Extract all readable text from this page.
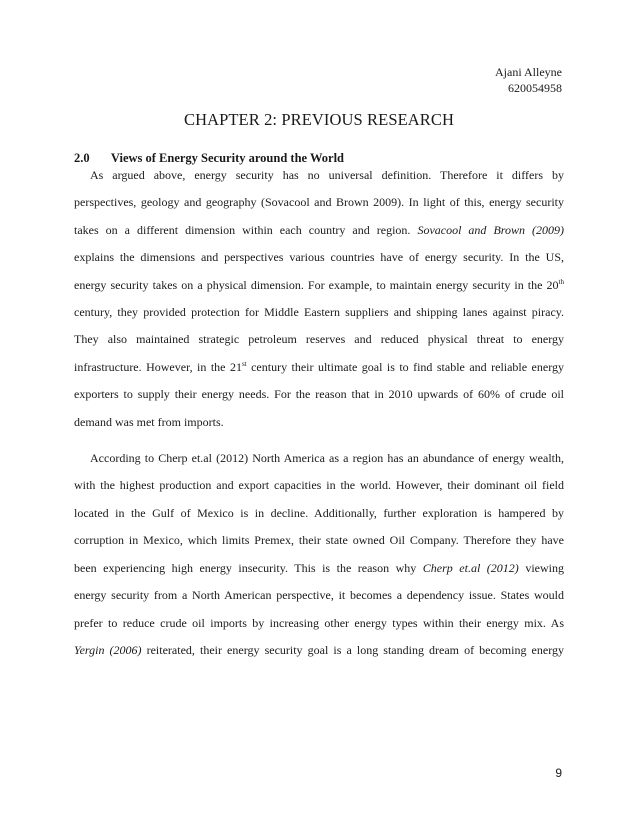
Ajani Alleyne
620054958
CHAPTER 2: PREVIOUS RESEARCH
2.0 Views of Energy Security around the World

As argued above, energy security has no universal definition. Therefore it differs by
perspectives, geology and geography (Sovacool and Brown 2009). In light of this, energy security
takes on a different dimension within each country and region. Sovacool and Brown (2009)
explains the dimensions and perspectives various countries have of energy security. In the US,
energy security takes on a physical dimension. For example, to maintain energy security in the 20th
century, they provided protection for Middle Eastern suppliers and shipping lanes against piracy.
They also maintained strategic petroleum reserves and reduced physical threat to energy
infrastructure. However, in the 21st century their ultimate goal is to find stable and reliable energy
exporters to supply their energy needs. For the reason that in 2010 upwards of 60% of crude oil
demand was met from imports.

According to Cherp et.al (2012) North America as a region has an abundance of energy wealth,
with the highest production and export capacities in the world. However, their dominant oil field
located in the Gulf of Mexico is in decline. Additionally, further exploration is hampered by
corruption in Mexico, which limits Premex, their state owned Oil Company. Therefore they have
been experiencing high energy insecurity. This is the reason why Cherp et.al (2012) viewing
energy security from a North American perspective, it becomes a dependency issue. States would
prefer to reduce crude oil imports by increasing other energy types within their energy mix. As
Yergin (2006) reiterated, their energy security goal is a long standing dream of becoming energy

9
